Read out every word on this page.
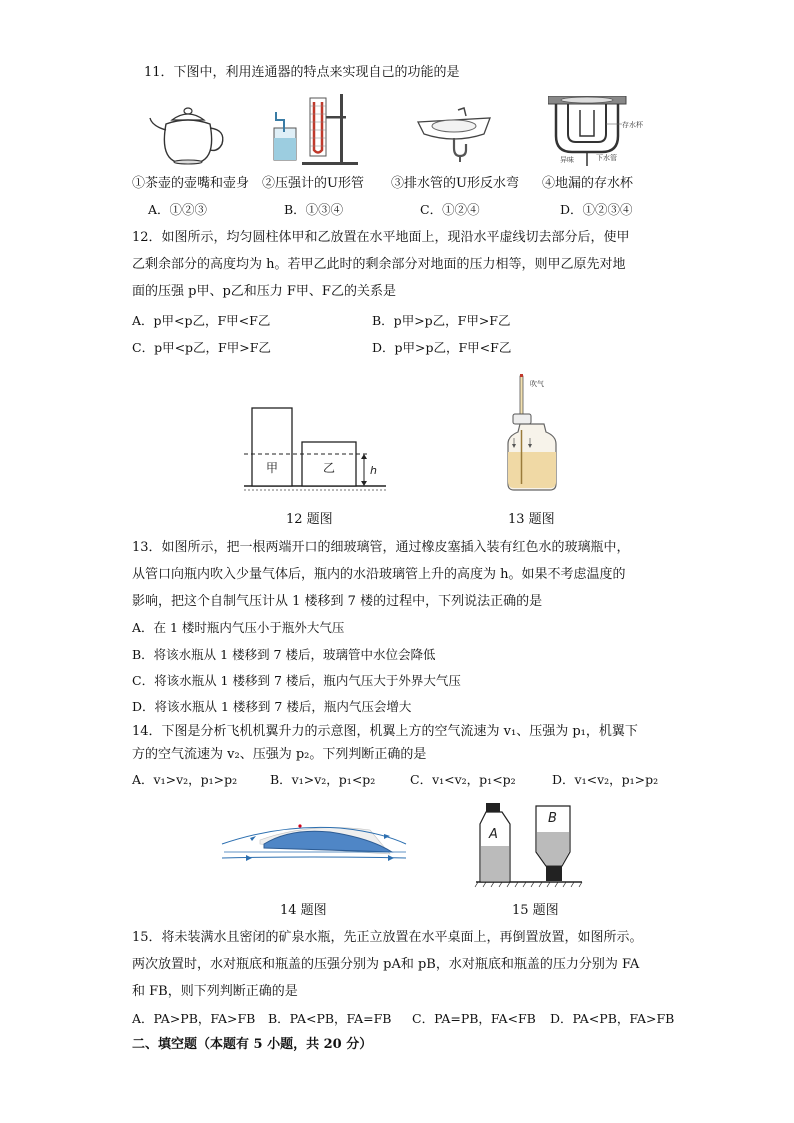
11．下图中，利用连通器的特点来实现自己的功能的是
存水杯
异味	下水管
①茶壶的壶嘴和壶身 ②压强计的U形管 ③排水管的U形反水弯 ④地漏的存水杯
A．①②③	B．①③④	C．①②④	D．①②③④
12．如图所示，均匀圆柱体甲和乙放置在水平地面上，现沿水平虚线切去部分后，使甲
乙剩余部分的高度均为 h。若甲乙此时的剩余部分对地面的压力相等，则甲乙原先对地
面的压强 p甲、p乙和压力 F甲、F乙的关系是
A．p甲<p乙，F甲<F乙	B．p甲>p乙，F甲>F乙
C．p甲<p乙，F甲>F乙	D．p甲>p乙，F甲<F乙
甲	乙	h
12 题图
吹气
13 题图
13．如图所示，把一根两端开口的细玻璃管，通过橡皮塞插入装有红色水的玻璃瓶中，
从管口向瓶内吹入少量气体后，瓶内的水沿玻璃管上升的高度为 h。如果不考虑温度的
影响，把这个自制气压计从 1 楼移到 7 楼的过程中，下列说法正确的是
A．在 1 楼时瓶内气压小于瓶外大气压
B．将该水瓶从 1 楼移到 7 楼后，玻璃管中水位会降低
C．将该水瓶从 1 楼移到 7 楼后，瓶内气压大于外界大气压
D．将该水瓶从 1 楼移到 7 楼后，瓶内气压会增大
14．下图是分析飞机机翼升力的示意图，机翼上方的空气流速为 v₁、压强为 p₁，机翼下
方的空气流速为 v₂、压强为 p₂。下列判断正确的是
A．v₁>v₂，p₁>p₂	B．v₁>v₂，p₁<p₂	C．v₁<v₂，p₁<p₂	D．v₁<v₂，p₁>p₂
14 题图
A
B
15 题图
15．将未装满水且密闭的矿泉水瓶，先正立放置在水平桌面上，再倒置放置，如图所示。
两次放置时，水对瓶底和瓶盖的压强分别为 pA和 pB，水对瓶底和瓶盖的压力分别为 FA
和 FB，则下列判断正确的是
A．PA>PB，FA>FB B．PA<PB，FA=FB C．PA=PB，FA<FB D．PA<PB，FA>FB
二、填空题（本题有 5 小题，共 20 分）
